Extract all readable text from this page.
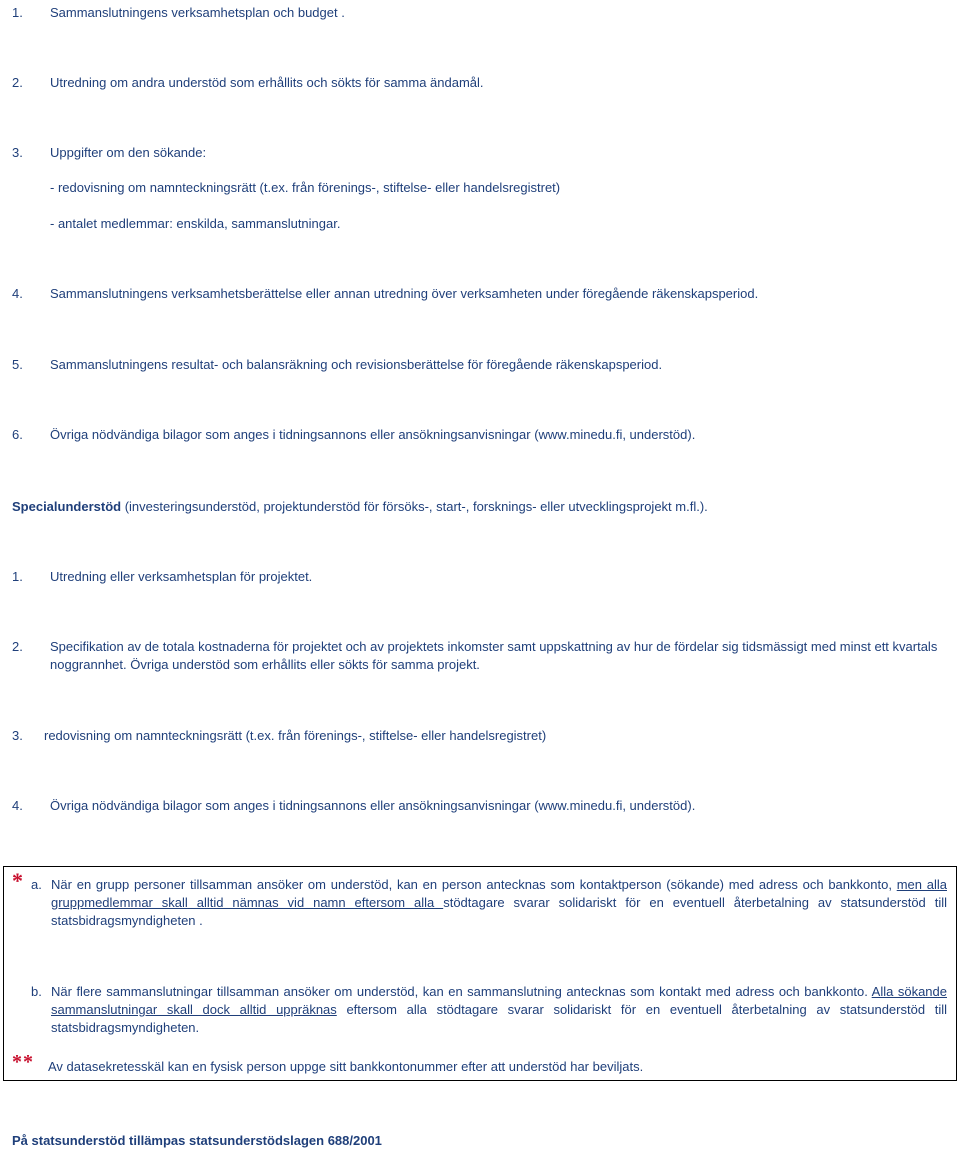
1. Sammanslutningens verksamhetsplan och budget .
2. Utredning om andra understöd som erhållits och sökts för samma ändamål.
3. Uppgifter om den sökande:
- redovisning om namnteckningsrätt (t.ex. från förenings-, stiftelse- eller handelsregistret)
- antalet medlemmar: enskilda, sammanslutningar.
4. Sammanslutningens verksamhetsberättelse eller annan utredning över verksamheten under föregående räkenskapsperiod.
5. Sammanslutningens resultat- och balansräkning och revisionsberättelse för föregående räkenskapsperiod.
6. Övriga nödvändiga bilagor som anges i tidningsannons eller ansökningsanvisningar (www.minedu.fi, understöd).
Specialunderstöd (investeringsunderstöd, projektunderstöd för försöks-, start-, forsknings- eller utvecklingsprojekt m.fl.).
1. Utredning eller verksamhetsplan för projektet.
2.	Specifikation av de totala kostnaderna för projektet och av projektets inkomster samt uppskattning av hur de fördelar sig tidsmässigt med minst ett kvartals noggrannhet. Övriga understöd som erhållits eller sökts för samma projekt.
3. redovisning om namnteckningsrätt (t.ex. från förenings-, stiftelse- eller handelsregistret)
4. Övriga nödvändiga bilagor som anges i tidningsannons eller ansökningsanvisningar (www.minedu.fi, understöd).
* a. När en grupp personer tillsamman ansöker om understöd, kan en person antecknas som kontaktperson (sökande) med adress och bankkonto, men alla gruppmedlemmar skall alltid nämnas vid namn eftersom alla stödtagare svarar solidariskt för en eventuell återbetalning av statsunderstöd till statsbidragsmyndigheten .
b. När flere sammanslutningar tillsamman ansöker om understöd, kan en sammanslutning antecknas som kontakt med adress och bankkonto. Alla sökande sammanslutningar skall dock alltid uppräknas eftersom alla stödtagare svarar solidariskt för en eventuell återbetalning av statsunderstöd till statsbidragsmyndigheten.
** Av datasekretesskäl kan en fysisk person uppge sitt bankkontonummer efter att understöd har beviljats.
På statsunderstöd tillämpas statsunderstödslagen 688/2001
